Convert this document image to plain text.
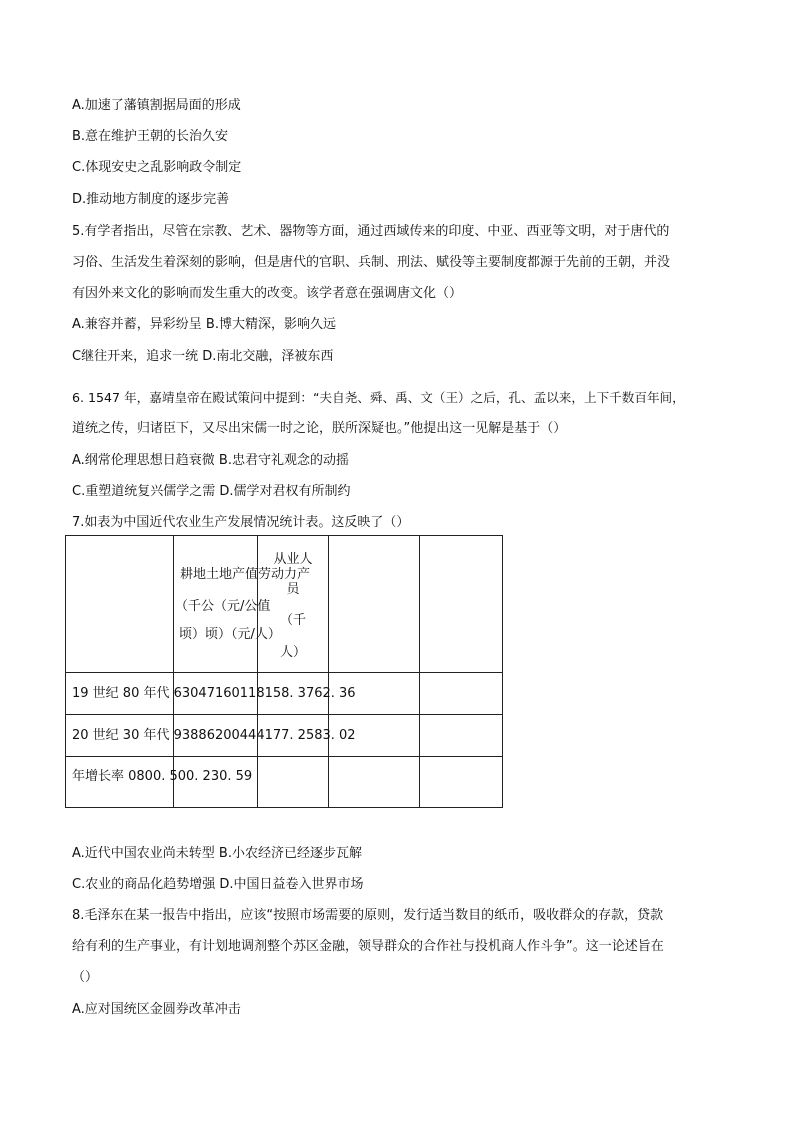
A.加速了藩镇割据局面的形成
B.意在维护王朝的长治久安
C.体现安史之乱影响政令制定
D.推动地方制度的逐步完善
5.有学者指出，尽管在宗教、艺术、器物等方面，通过西域传来的印度、中亚、西亚等文明，对于唐代的
习俗、生活发生着深刻的影响，但是唐代的官职、兵制、刑法、赋役等主要制度都源于先前的王朝，并没
有因外来文化的影响而发生重大的改变。该学者意在强调唐文化（）
A.兼容并蓄，异彩纷呈 B.博大精深，影响久远
C继往开来，追求一统 D.南北交融，泽被东西
6. 1547 年，嘉靖皇帝在殿试策问中提到：“夫自尧、舜、禹、文（王）之后，孔、孟以来，上下千数百年间，
道统之传，归诸臣下，又尽出宋儒一时之论，朕所深疑也。”他提出这一见解是基于（）
A.纲常伦理思想日趋衰微 B.忠君守礼观念的动摇
C.重塑道统复兴儒学之需 D.儒学对君权有所制约
7.如表为中国近代农业生产发展情况统计表。这反映了（）
耕地土地产值劳动力产
（千公（元/公值
顷）顷）（元/人）
从业人
员
（千
人）
19 世纪 80 年代 63047160118158. 3762. 36
20 世纪 30 年代 93886200444177. 2583. 02
年增长率 0800. 500. 230. 59
A.近代中国农业尚未转型 B.小农经济已经逐步瓦解
C.农业的商品化趋势增强 D.中国日益卷入世界市场
8.毛泽东在某一报告中指出，应该“按照市场需要的原则，发行适当数目的纸币，吸收群众的存款，贷款
给有利的生产事业，有计划地调剂整个苏区金融，领导群众的合作社与投机商人作斗争”。这一论述旨在
（）
A.应对国统区金圆券改革冲击
